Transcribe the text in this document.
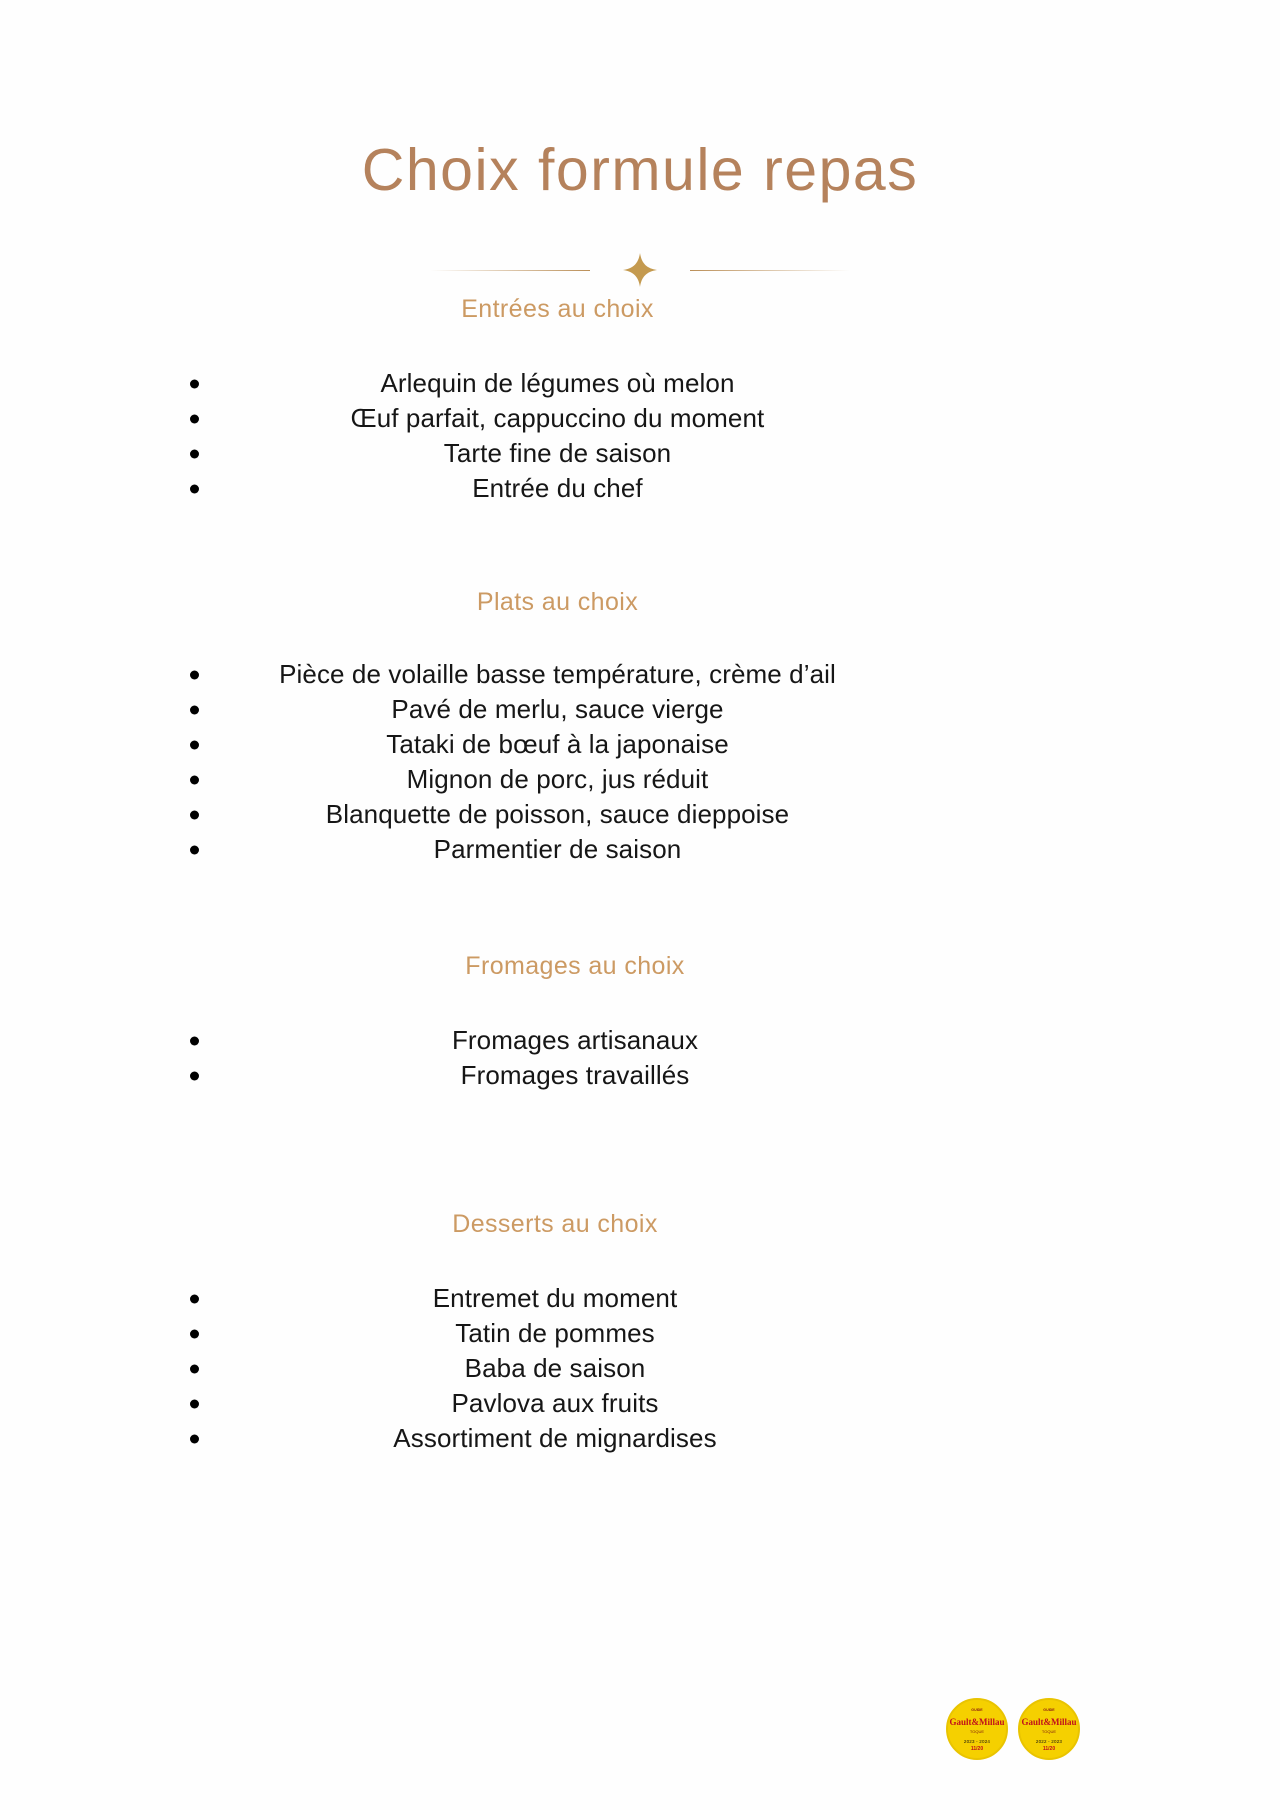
Choix formule repas
Entrées au choix
Arlequin de légumes où melon
Œuf parfait, cappuccino du moment
Tarte fine de saison
Entrée du chef
Plats au choix
Pièce de volaille basse température, crème d’ail
Pavé de merlu, sauce vierge
Tataki de bœuf à la japonaise
Mignon de porc, jus réduit
Blanquette de poisson, sauce dieppoise
Parmentier de saison
Fromages au choix
Fromages artisanaux
Fromages travaillés
Desserts au choix
Entremet du moment
Tatin de pommes
Baba de saison
Pavlova aux fruits
Assortiment de mignardises
GUIDE
Gault&Millau
TOQUE
2023 - 2024
11/20
GUIDE
Gault&Millau
TOQUE
2022 - 2023
11/20
